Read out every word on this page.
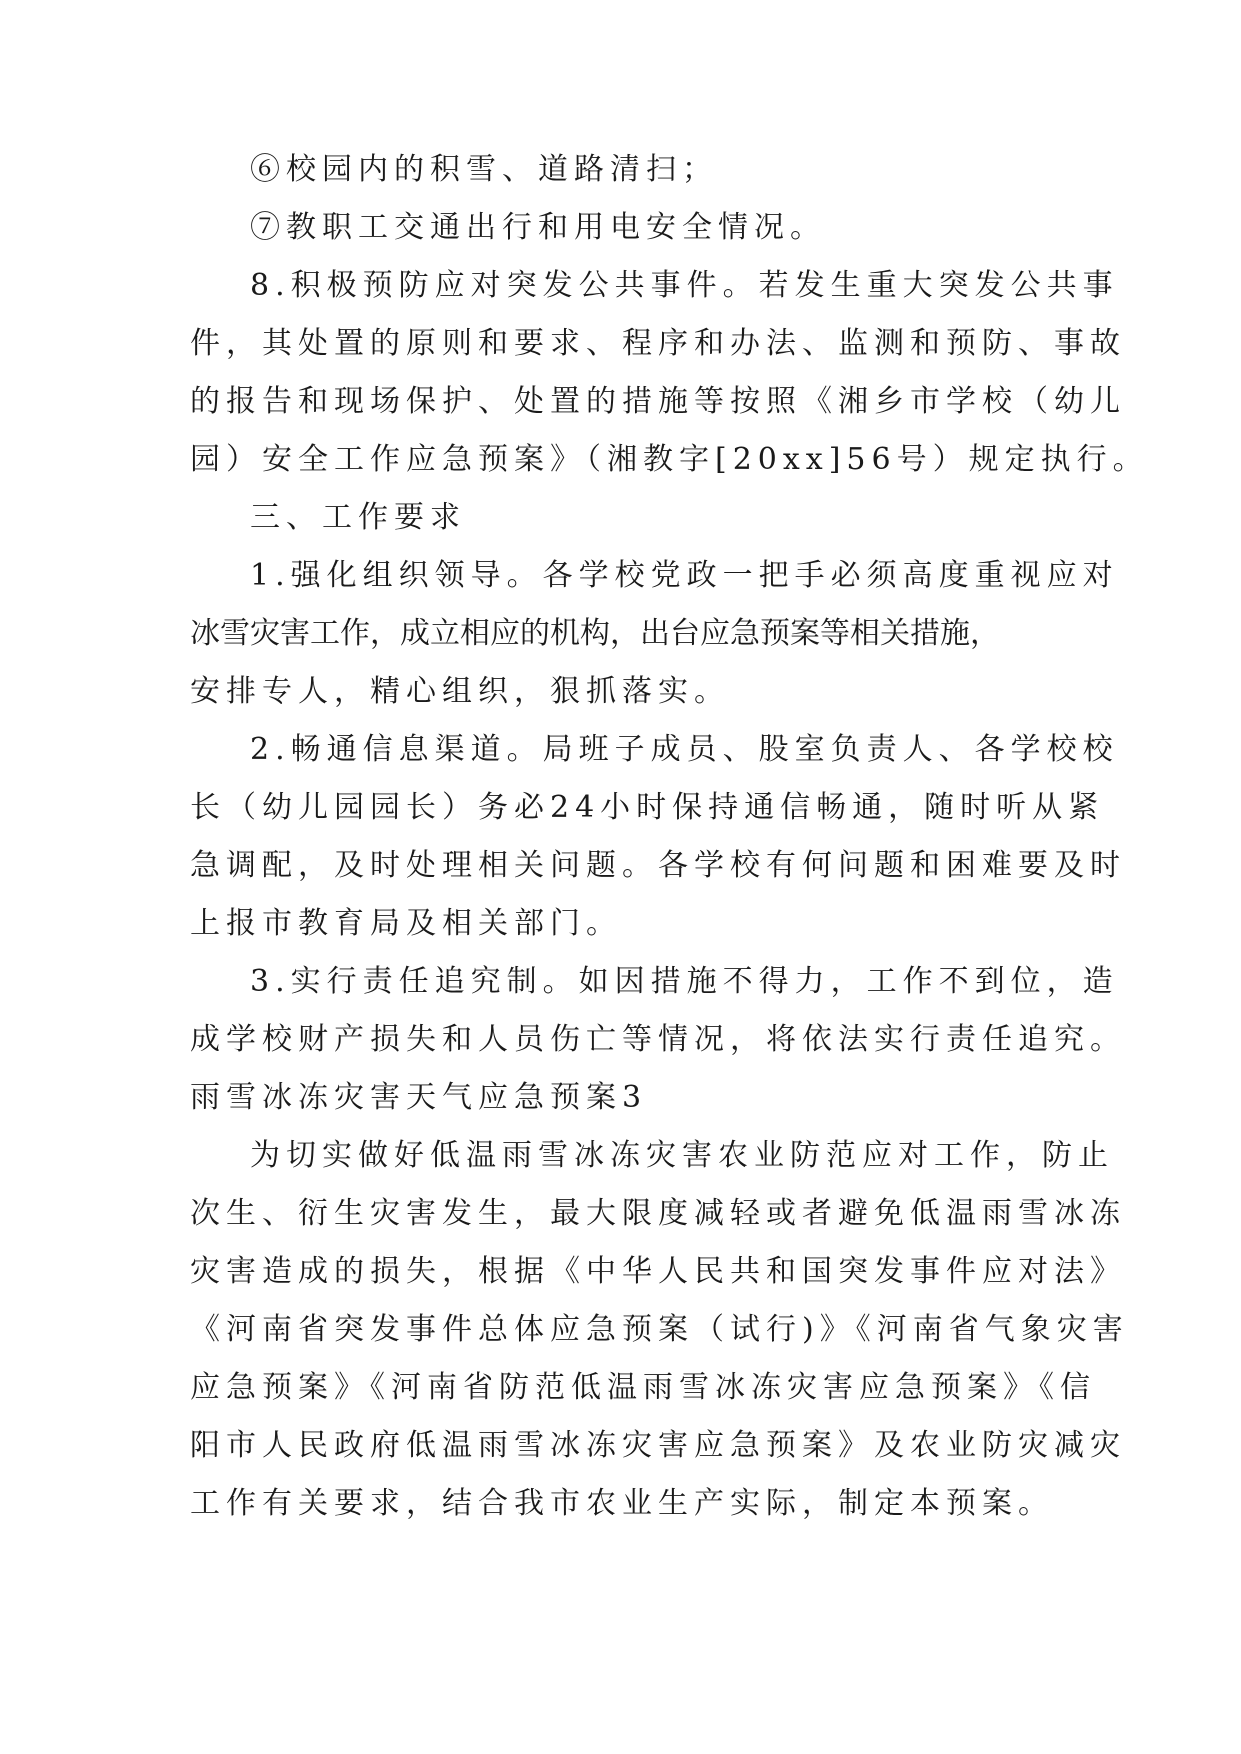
⑥校园内的积雪、道路清扫；
⑦教职工交通出行和用电安全情况。
8.积极预防应对突发公共事件。若发生重大突发公共事
件，其处置的原则和要求、程序和办法、监测和预防、事故
的报告和现场保护、处置的措施等按照《湘乡市学校（幼儿
园）安全工作应急预案》（湘教字[20xx]56号）规定执行。
三、工作要求
1.强化组织领导。各学校党政一把手必须高度重视应对
冰雪灾害工作，成立相应的机构，出台应急预案等相关措施，
安排专人，精心组织，狠抓落实。
2.畅通信息渠道。局班子成员、股室负责人、各学校校
长（幼儿园园长）务必24小时保持通信畅通，随时听从紧
急调配，及时处理相关问题。各学校有何问题和困难要及时
上报市教育局及相关部门。
3.实行责任追究制。如因措施不得力，工作不到位，造
成学校财产损失和人员伤亡等情况，将依法实行责任追究。
雨雪冰冻灾害天气应急预案3
为切实做好低温雨雪冰冻灾害农业防范应对工作，防止
次生、衍生灾害发生，最大限度减轻或者避免低温雨雪冰冻
灾害造成的损失，根据《中华人民共和国突发事件应对法》
《河南省突发事件总体应急预案（试行)》《河南省气象灾害
应急预案》《河南省防范低温雨雪冰冻灾害应急预案》《信
阳市人民政府低温雨雪冰冻灾害应急预案》及农业防灾减灾
工作有关要求，结合我市农业生产实际，制定本预案。
